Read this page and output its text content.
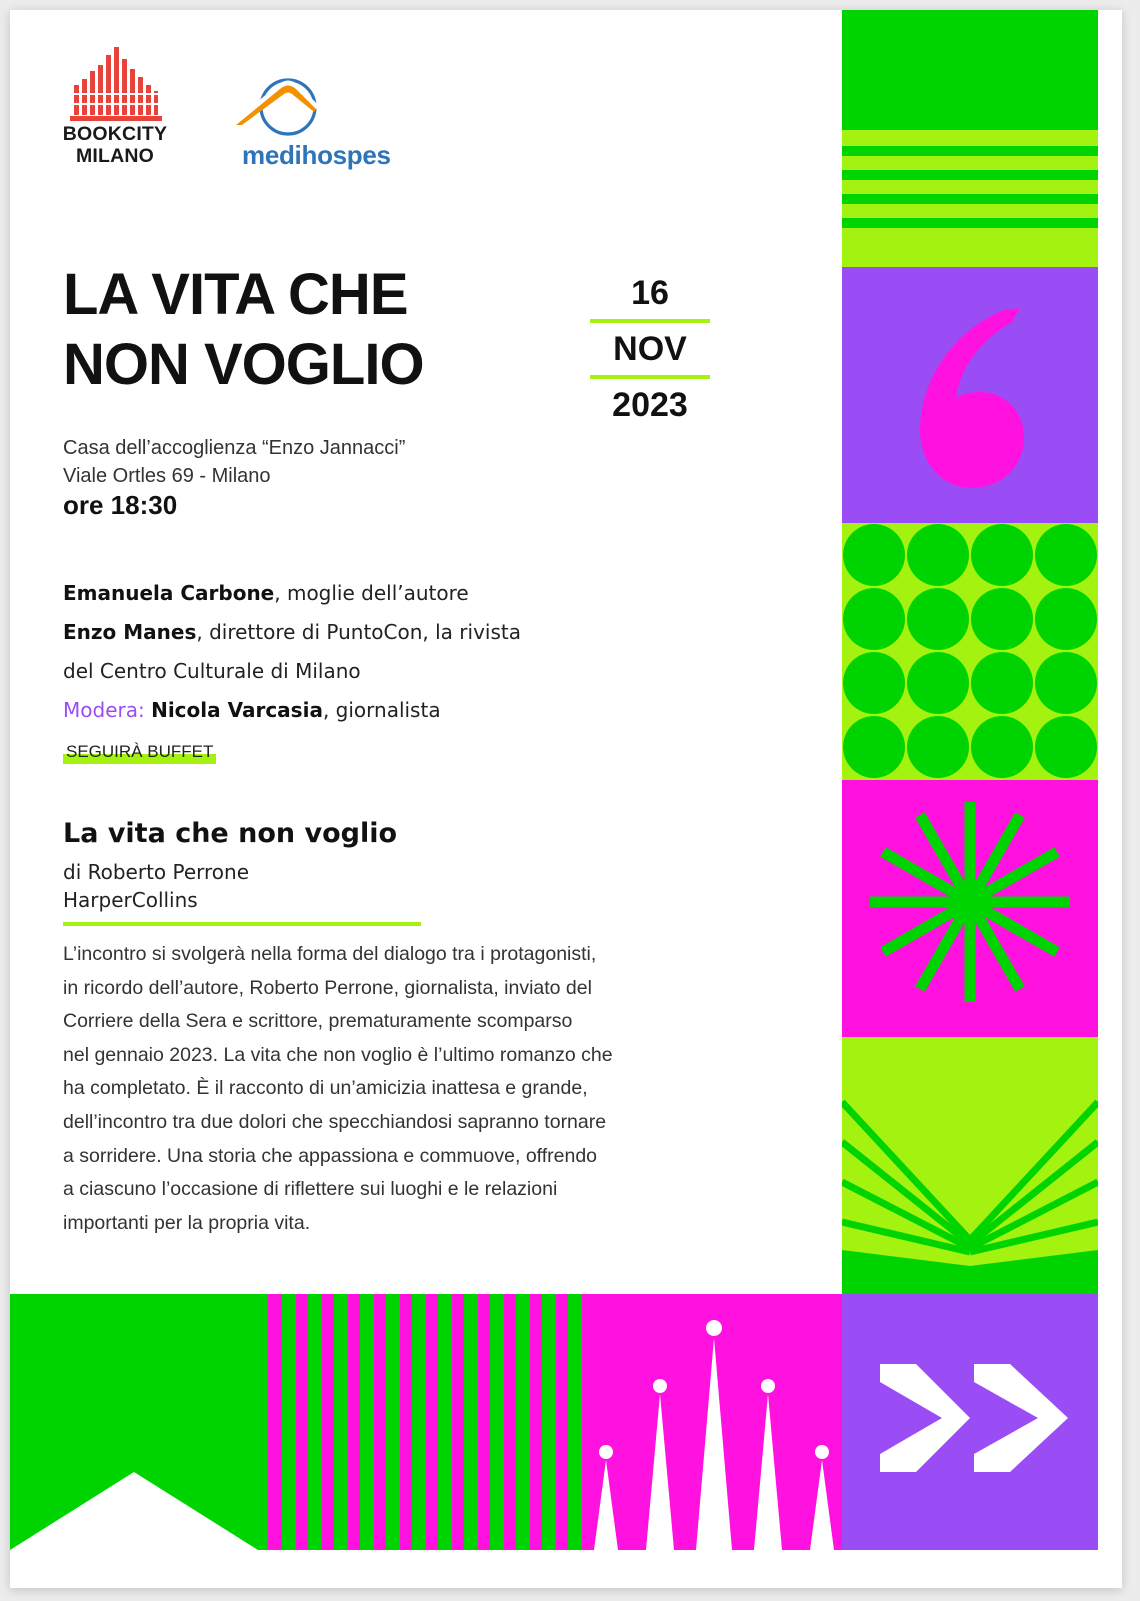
BOOKCITY
MILANO	medihospes
LA VITA CHE
NON VOGLIO
16
NOV
2023
Casa dell’accoglienza “Enzo Jannacci”
Viale Ortles 69 - Milano
ore 18:30
Emanuela Carbone, moglie dell’autore
Enzo Manes, direttore di PuntoCon, la rivista
del Centro Culturale di Milano
Modera: Nicola Varcasia, giornalista
SEGUIRÀ BUFFET
La vita che non voglio
di Roberto Perrone
HarperCollins
L’incontro si svolgerà nella forma del dialogo tra i protagonisti,
in ricordo dell’autore, Roberto Perrone, giornalista, inviato del
Corriere della Sera e scrittore, prematuramente scomparso
nel gennaio 2023. La vita che non voglio è l’ultimo romanzo che
ha completato. È il racconto di un’amicizia inattesa e grande,
dell’incontro tra due dolori che specchiandosi sapranno tornare
a sorridere. Una storia che appassiona e commuove, offrendo
a ciascuno l’occasione di riflettere sui luoghi e le relazioni
importanti per la propria vita.
